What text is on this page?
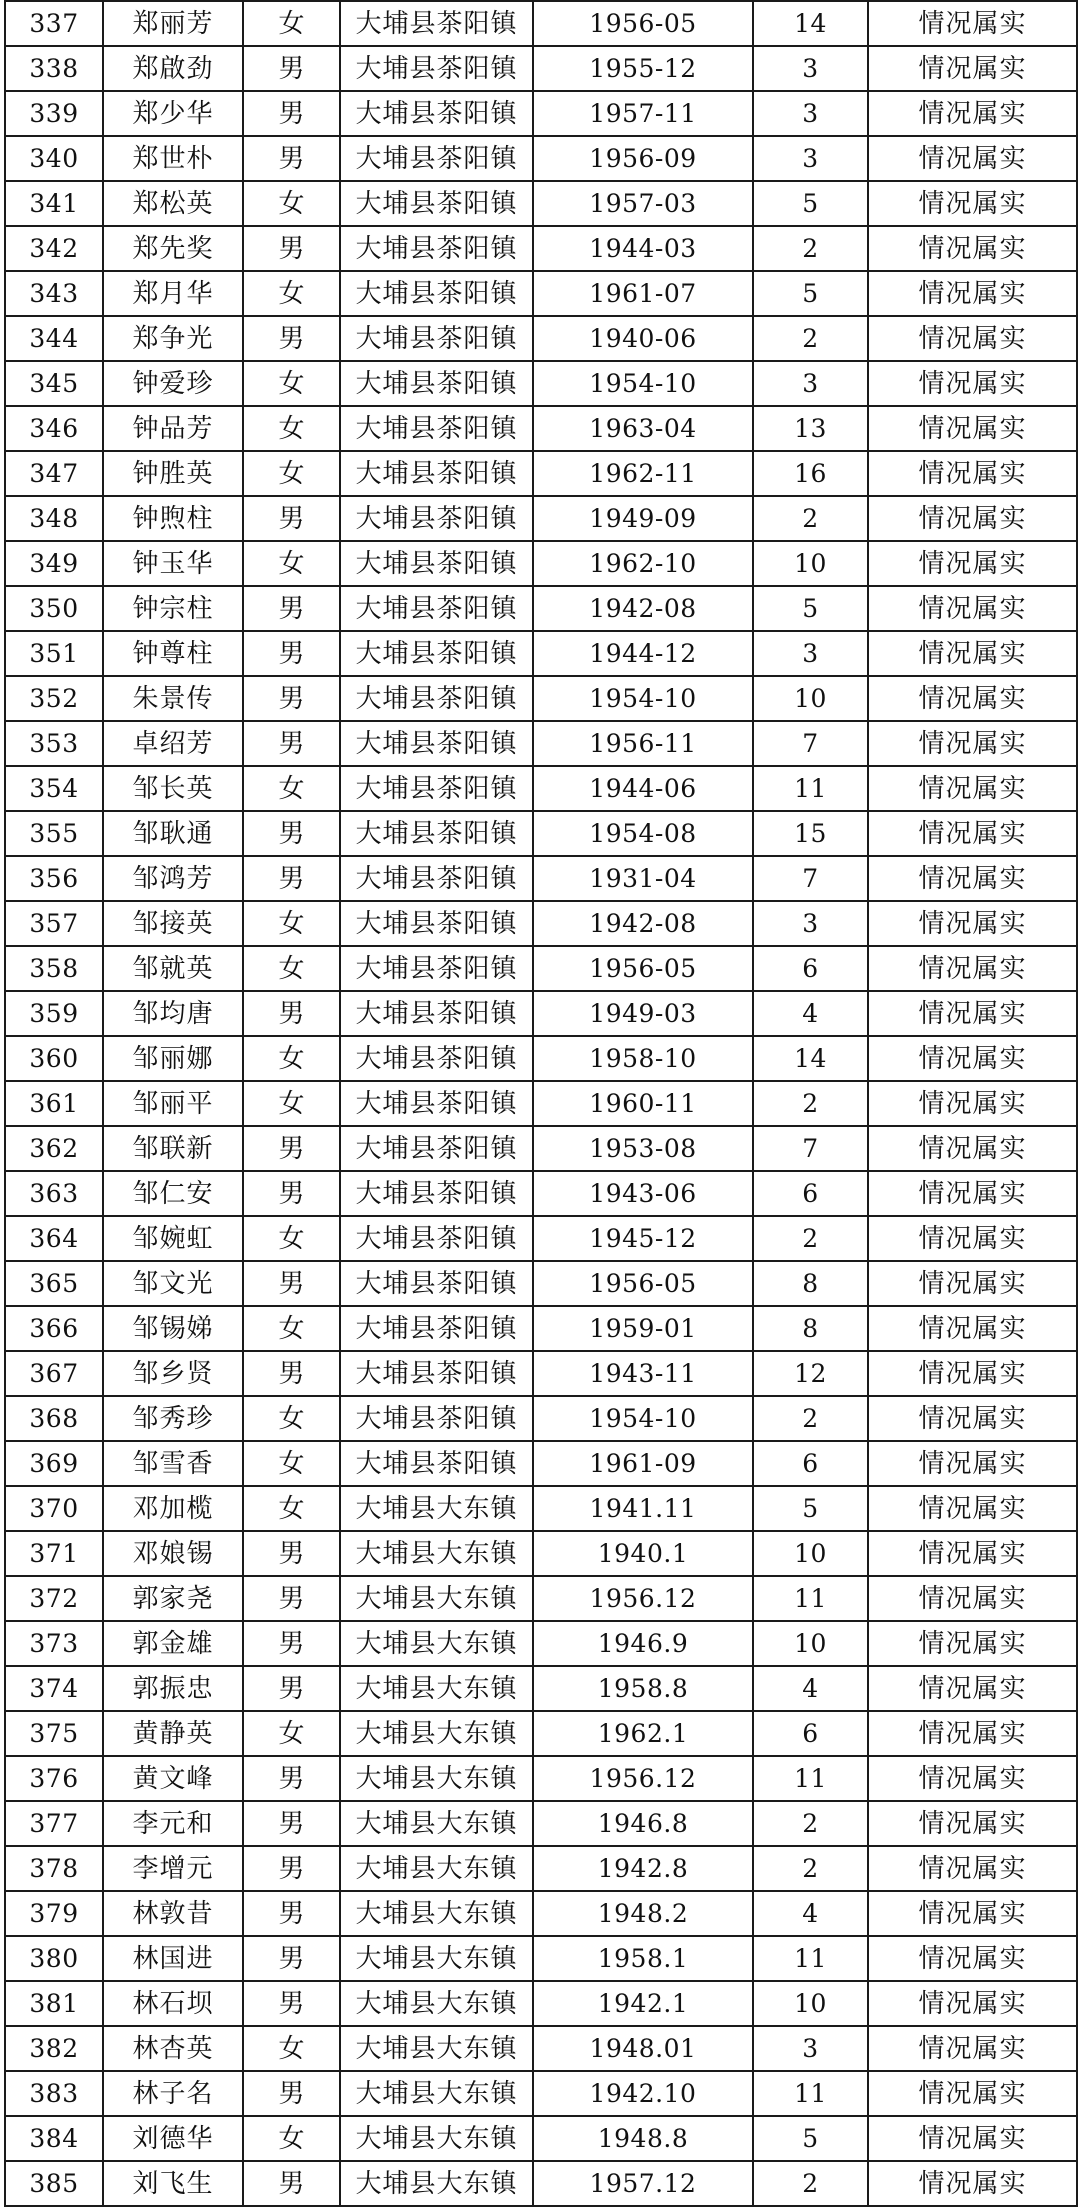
337	郑丽芳	女	大埔县茶阳镇	1956-05	14	情况属实
338	郑啟劲	男	大埔县茶阳镇	1955-12	3	情况属实
339	郑少华	男	大埔县茶阳镇	1957-11	3	情况属实
340	郑世朴	男	大埔县茶阳镇	1956-09	3	情况属实
341	郑松英	女	大埔县茶阳镇	1957-03	5	情况属实
342	郑先奖	男	大埔县茶阳镇	1944-03	2	情况属实
343	郑月华	女	大埔县茶阳镇	1961-07	5	情况属实
344	郑争光	男	大埔县茶阳镇	1940-06	2	情况属实
345	钟爱珍	女	大埔县茶阳镇	1954-10	3	情况属实
346	钟品芳	女	大埔县茶阳镇	1963-04	13	情况属实
347	钟胜英	女	大埔县茶阳镇	1962-11	16	情况属实
348	钟煦柱	男	大埔县茶阳镇	1949-09	2	情况属实
349	钟玉华	女	大埔县茶阳镇	1962-10	10	情况属实
350	钟宗柱	男	大埔县茶阳镇	1942-08	5	情况属实
351	钟尊柱	男	大埔县茶阳镇	1944-12	3	情况属实
352	朱景传	男	大埔县茶阳镇	1954-10	10	情况属实
353	卓绍芳	男	大埔县茶阳镇	1956-11	7	情况属实
354	邹长英	女	大埔县茶阳镇	1944-06	11	情况属实
355	邹耿通	男	大埔县茶阳镇	1954-08	15	情况属实
356	邹鸿芳	男	大埔县茶阳镇	1931-04	7	情况属实
357	邹接英	女	大埔县茶阳镇	1942-08	3	情况属实
358	邹就英	女	大埔县茶阳镇	1956-05	6	情况属实
359	邹均唐	男	大埔县茶阳镇	1949-03	4	情况属实
360	邹丽娜	女	大埔县茶阳镇	1958-10	14	情况属实
361	邹丽平	女	大埔县茶阳镇	1960-11	2	情况属实
362	邹联新	男	大埔县茶阳镇	1953-08	7	情况属实
363	邹仁安	男	大埔县茶阳镇	1943-06	6	情况属实
364	邹婉虹	女	大埔县茶阳镇	1945-12	2	情况属实
365	邹文光	男	大埔县茶阳镇	1956-05	8	情况属实
366	邹锡娣	女	大埔县茶阳镇	1959-01	8	情况属实
367	邹乡贤	男	大埔县茶阳镇	1943-11	12	情况属实
368	邹秀珍	女	大埔县茶阳镇	1954-10	2	情况属实
369	邹雪香	女	大埔县茶阳镇	1961-09	6	情况属实
370	邓加榄	女	大埔县大东镇	1941.11	5	情况属实
371	邓娘锡	男	大埔县大东镇	1940.1	10	情况属实
372	郭家尧	男	大埔县大东镇	1956.12	11	情况属实
373	郭金雄	男	大埔县大东镇	1946.9	10	情况属实
374	郭振忠	男	大埔县大东镇	1958.8	4	情况属实
375	黄静英	女	大埔县大东镇	1962.1	6	情况属实
376	黄文峰	男	大埔县大东镇	1956.12	11	情况属实
377	李元和	男	大埔县大东镇	1946.8	2	情况属实
378	李增元	男	大埔县大东镇	1942.8	2	情况属实
379	林敦昔	男	大埔县大东镇	1948.2	4	情况属实
380	林国进	男	大埔县大东镇	1958.1	11	情况属实
381	林石坝	男	大埔县大东镇	1942.1	10	情况属实
382	林杏英	女	大埔县大东镇	1948.01	3	情况属实
383	林子名	男	大埔县大东镇	1942.10	11	情况属实
384	刘德华	女	大埔县大东镇	1948.8	5	情况属实
385	刘飞生	男	大埔县大东镇	1957.12	2	情况属实
